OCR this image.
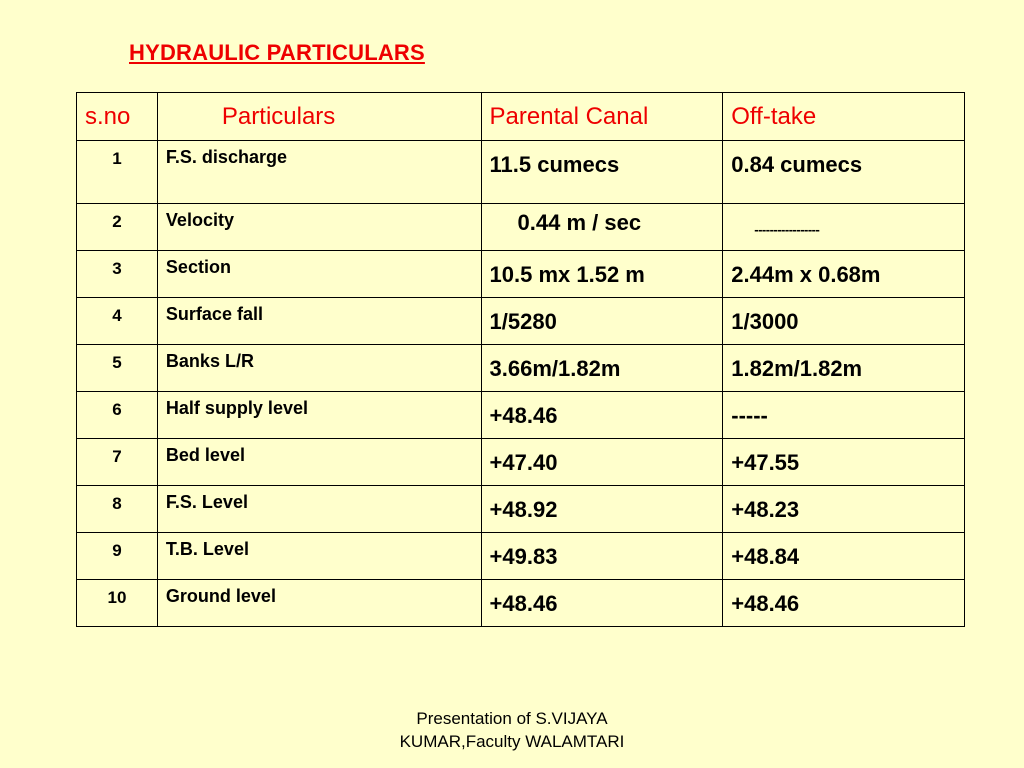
HYDRAULIC PARTICULARS
s.no	Particulars	Parental Canal	Off-take

1	F.S. discharge	11.5 cumecs	0.84 cumecs

2	Velocity	0.44 m / sec	-----------------

3	Section	10.5 mx 1.52 m	2.44m x 0.68m

4	Surface fall	1/5280	1/3000

5	Banks L/R	3.66m/1.82m	1.82m/1.82m

6	Half supply level	+48.46	-----

7	Bed level	+47.40	+47.55

8	F.S. Level	+48.92	+48.23

9	T.B. Level	+49.83	+48.84

10	Ground level	+48.46	+48.46
Presentation of S.VIJAYA
KUMAR,Faculty WALAMTARI
